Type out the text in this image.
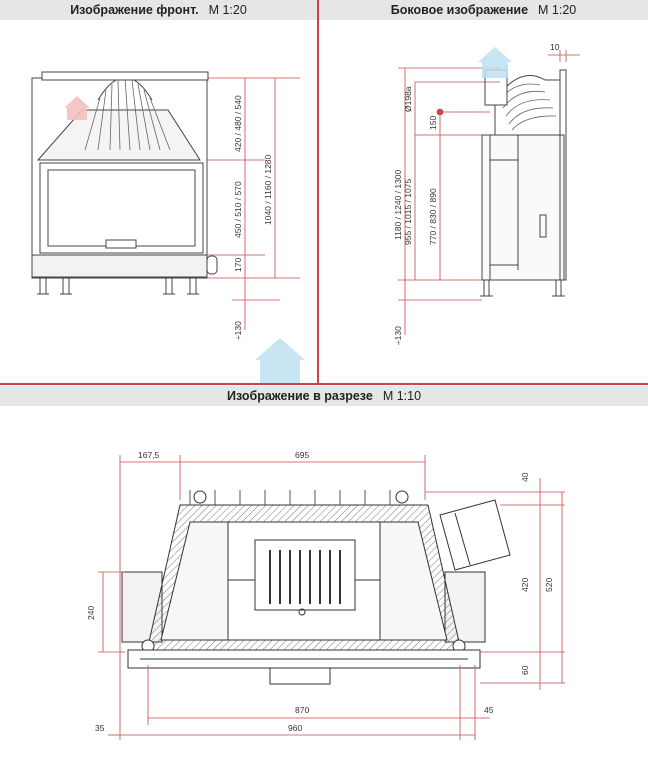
Изображение фронт. М 1:20	Боковое изображение М 1:20
Изображение в разрезе М 1:10
420 / 480 / 540
450 / 510 / 570
170
1040 / 1160 / 1280
÷130
10
Ø198a
150
1180 / 1240 / 1300 955 / 1015 / 1075 770 / 830 / 890
÷130
167,5	695
40
420 520
240
60
870	45
35	960
